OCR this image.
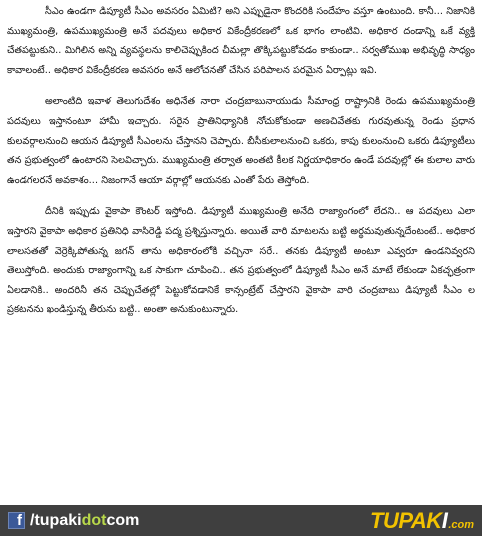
సీఎం ఉండగా డిప్యూటీ సీఎం అవసరం ఏమిటి? అని ఎప్పుడైనా కొందరికి సందేహం వస్తూ ఉంటుంది. కానీ... నిజానికి ముఖ్యమంత్రి, ఉపముఖ్యమంత్రి అనే పదవులు అధికార వికేంద్రీకరణలో ఒక భాగం లాంటివి. అధికార దండాన్ని ఒకే వ్యక్తి చేతపట్టుకుని.. మిగిలిన అన్ని వ్యవస్థలను కాలిచెప్పుకింద చీమల్లా తొక్కిపట్టుకోవడం కాకుండా.. సర్వతోముఖ అభివృద్ధి సాధ్యం కావాలంటే.. అధికార వికేంద్రీకరణ అవసరం అనే ఆలోచనతో చేసిన పరిపాలన పరమైన ఏర్పాట్లు ఇవి.

అలాంటిది ఇవాళ తెలుగుదేశం అధినేత నారా చంద్రబాబునాయుడు సీమాంధ్ర రాష్ట్రానికి రెండు ఉపముఖ్యమంత్రి పదవులు ఇస్తానంటూ హామీ ఇచ్చారు. సరైన ప్రాతినిధ్యానికి నోచుకోకుండా అణచివేతకు గురవుతున్న రెండు ప్రధాన కులవర్గాలనుంచి ఆయన డిప్యూటీ సీఎంలను చేస్తానని చెప్పారు. బీసీకులాలనుంచి ఒకరు, కాపు కులంనుంచి ఒకరు డిప్యూటీలు తన ప్రభుత్వంలో ఉంటారని సెలవిచ్చారు. ముఖ్యమంత్రి తర్వాత అంతటి కీలక నిర్ణయాధికారం ఉండే పదవుల్లో ఈ కులాల వారు ఉండగలరనే అవకాశం... నిజంగానే ఆయా వర్గాల్లో ఆయనకు ఎంతో పేరు తెస్తోంది.

దీనికి ఇప్పుడు వైకాపా కౌంటర్ ఇస్తోంది. డిప్యూటీ ముఖ్యమంత్రి అనేది రాజ్యాంగంలో లేదని.. ఆ పదవులు ఎలా ఇస్తారని వైకాపా అధికార ప్రతినిధి వాసిరెడ్డి పద్మ ప్రశ్నిస్తున్నారు. అయితే వారి మాటలను బట్టి అర్థమవుతున్నదేంటంటే.. అధికార లాలసతతో వెర్రెక్కిపోతున్న జగన్ తాను అధికారంలోకి వచ్చినా సరే.. తనకు డిప్యూటీ అంటూ ఎవ్వరూ ఉండనివ్వరని తెలుస్తోంది. అందుకు రాజ్యాంగాన్ని ఒక సాకుగా చూపించి.. తన ప్రభుత్వంలో డిప్యూటీ సీఎం అనే మాటే లేకుండా ఏకచ్ఛత్రంగా ఏలడానికి.. అందరినీ తన చెప్పుచేతల్లో పెట్టుకోవడానికే కాన్సంట్రేట్ చేస్తారని వైకాపా వారి చంద్రబాబు డిప్యూటీ సీఎం ల ప్రకటనను ఖండిస్తున్న తీరును బట్టి.. అంతా అనుకుంటున్నారు.

f /tupakidotcom	TUPAK I .com
